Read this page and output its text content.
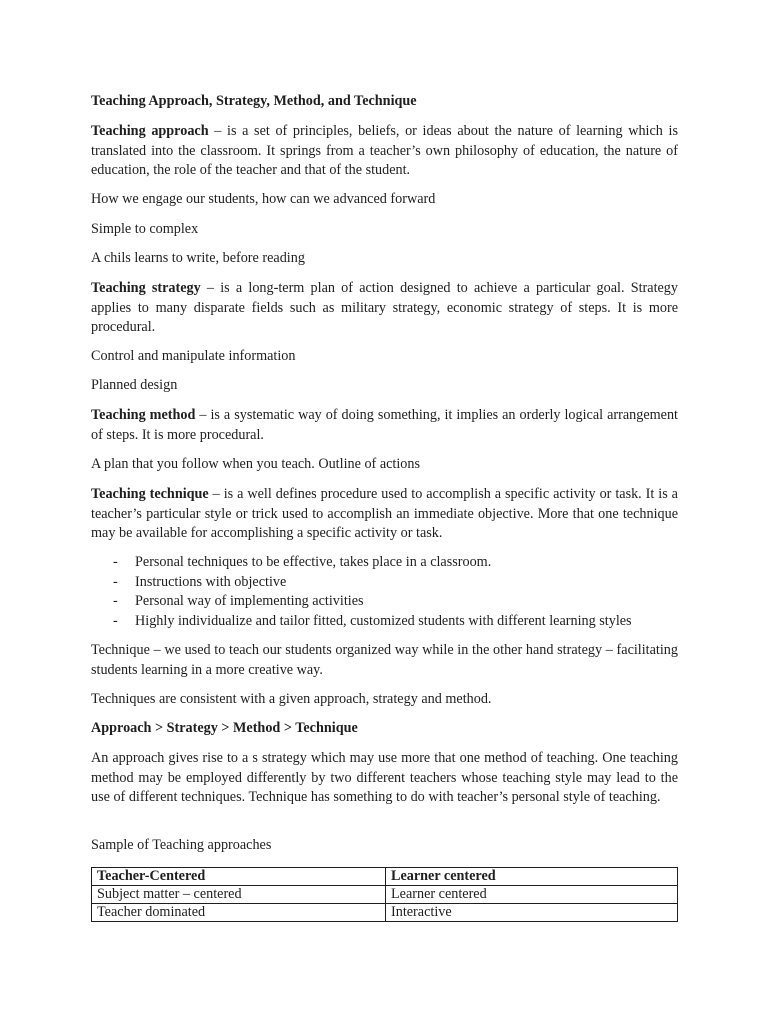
Teaching Approach, Strategy, Method, and Technique

Teaching approach – is a set of principles, beliefs, or ideas about the nature of learning which is translated into the classroom. It springs from a teacher’s own philosophy of education, the nature of education, the role of the teacher and that of the student.

How we engage our students, how can we advanced forward

Simple to complex

A chils learns to write, before reading

Teaching strategy – is a long-term plan of action designed to achieve a particular goal. Strategy applies to many disparate fields such as military strategy, economic strategy of steps. It is more procedural.

Control and manipulate information

Planned design

Teaching method – is a systematic way of doing something, it implies an orderly logical arrangement of steps. It is more procedural.

A plan that you follow when you teach. Outline of actions

Teaching technique – is a well defines procedure used to accomplish a specific activity or task. It is a teacher’s particular style or trick used to accomplish an immediate objective. More that one technique may be available for accomplishing a specific activity or task.

- Personal techniques to be effective, takes place in a classroom.
- Instructions with objective
- Personal way of implementing activities
- Highly individualize and tailor fitted, customized students with different learning styles

Technique – we used to teach our students organized way while in the other hand strategy – facilitating students learning in a more creative way.

Techniques are consistent with a given approach, strategy and method.

Approach > Strategy > Method > Technique

An approach gives rise to a s strategy which may use more that one method of teaching. One teaching method may be employed differently by two different teachers whose teaching style may lead to the use of different techniques. Technique has something to do with teacher’s personal style of teaching.

Sample of Teaching approaches

Teacher-Centered	Learner centered
Subject matter – centered	Learner centered
Teacher dominated	Interactive
